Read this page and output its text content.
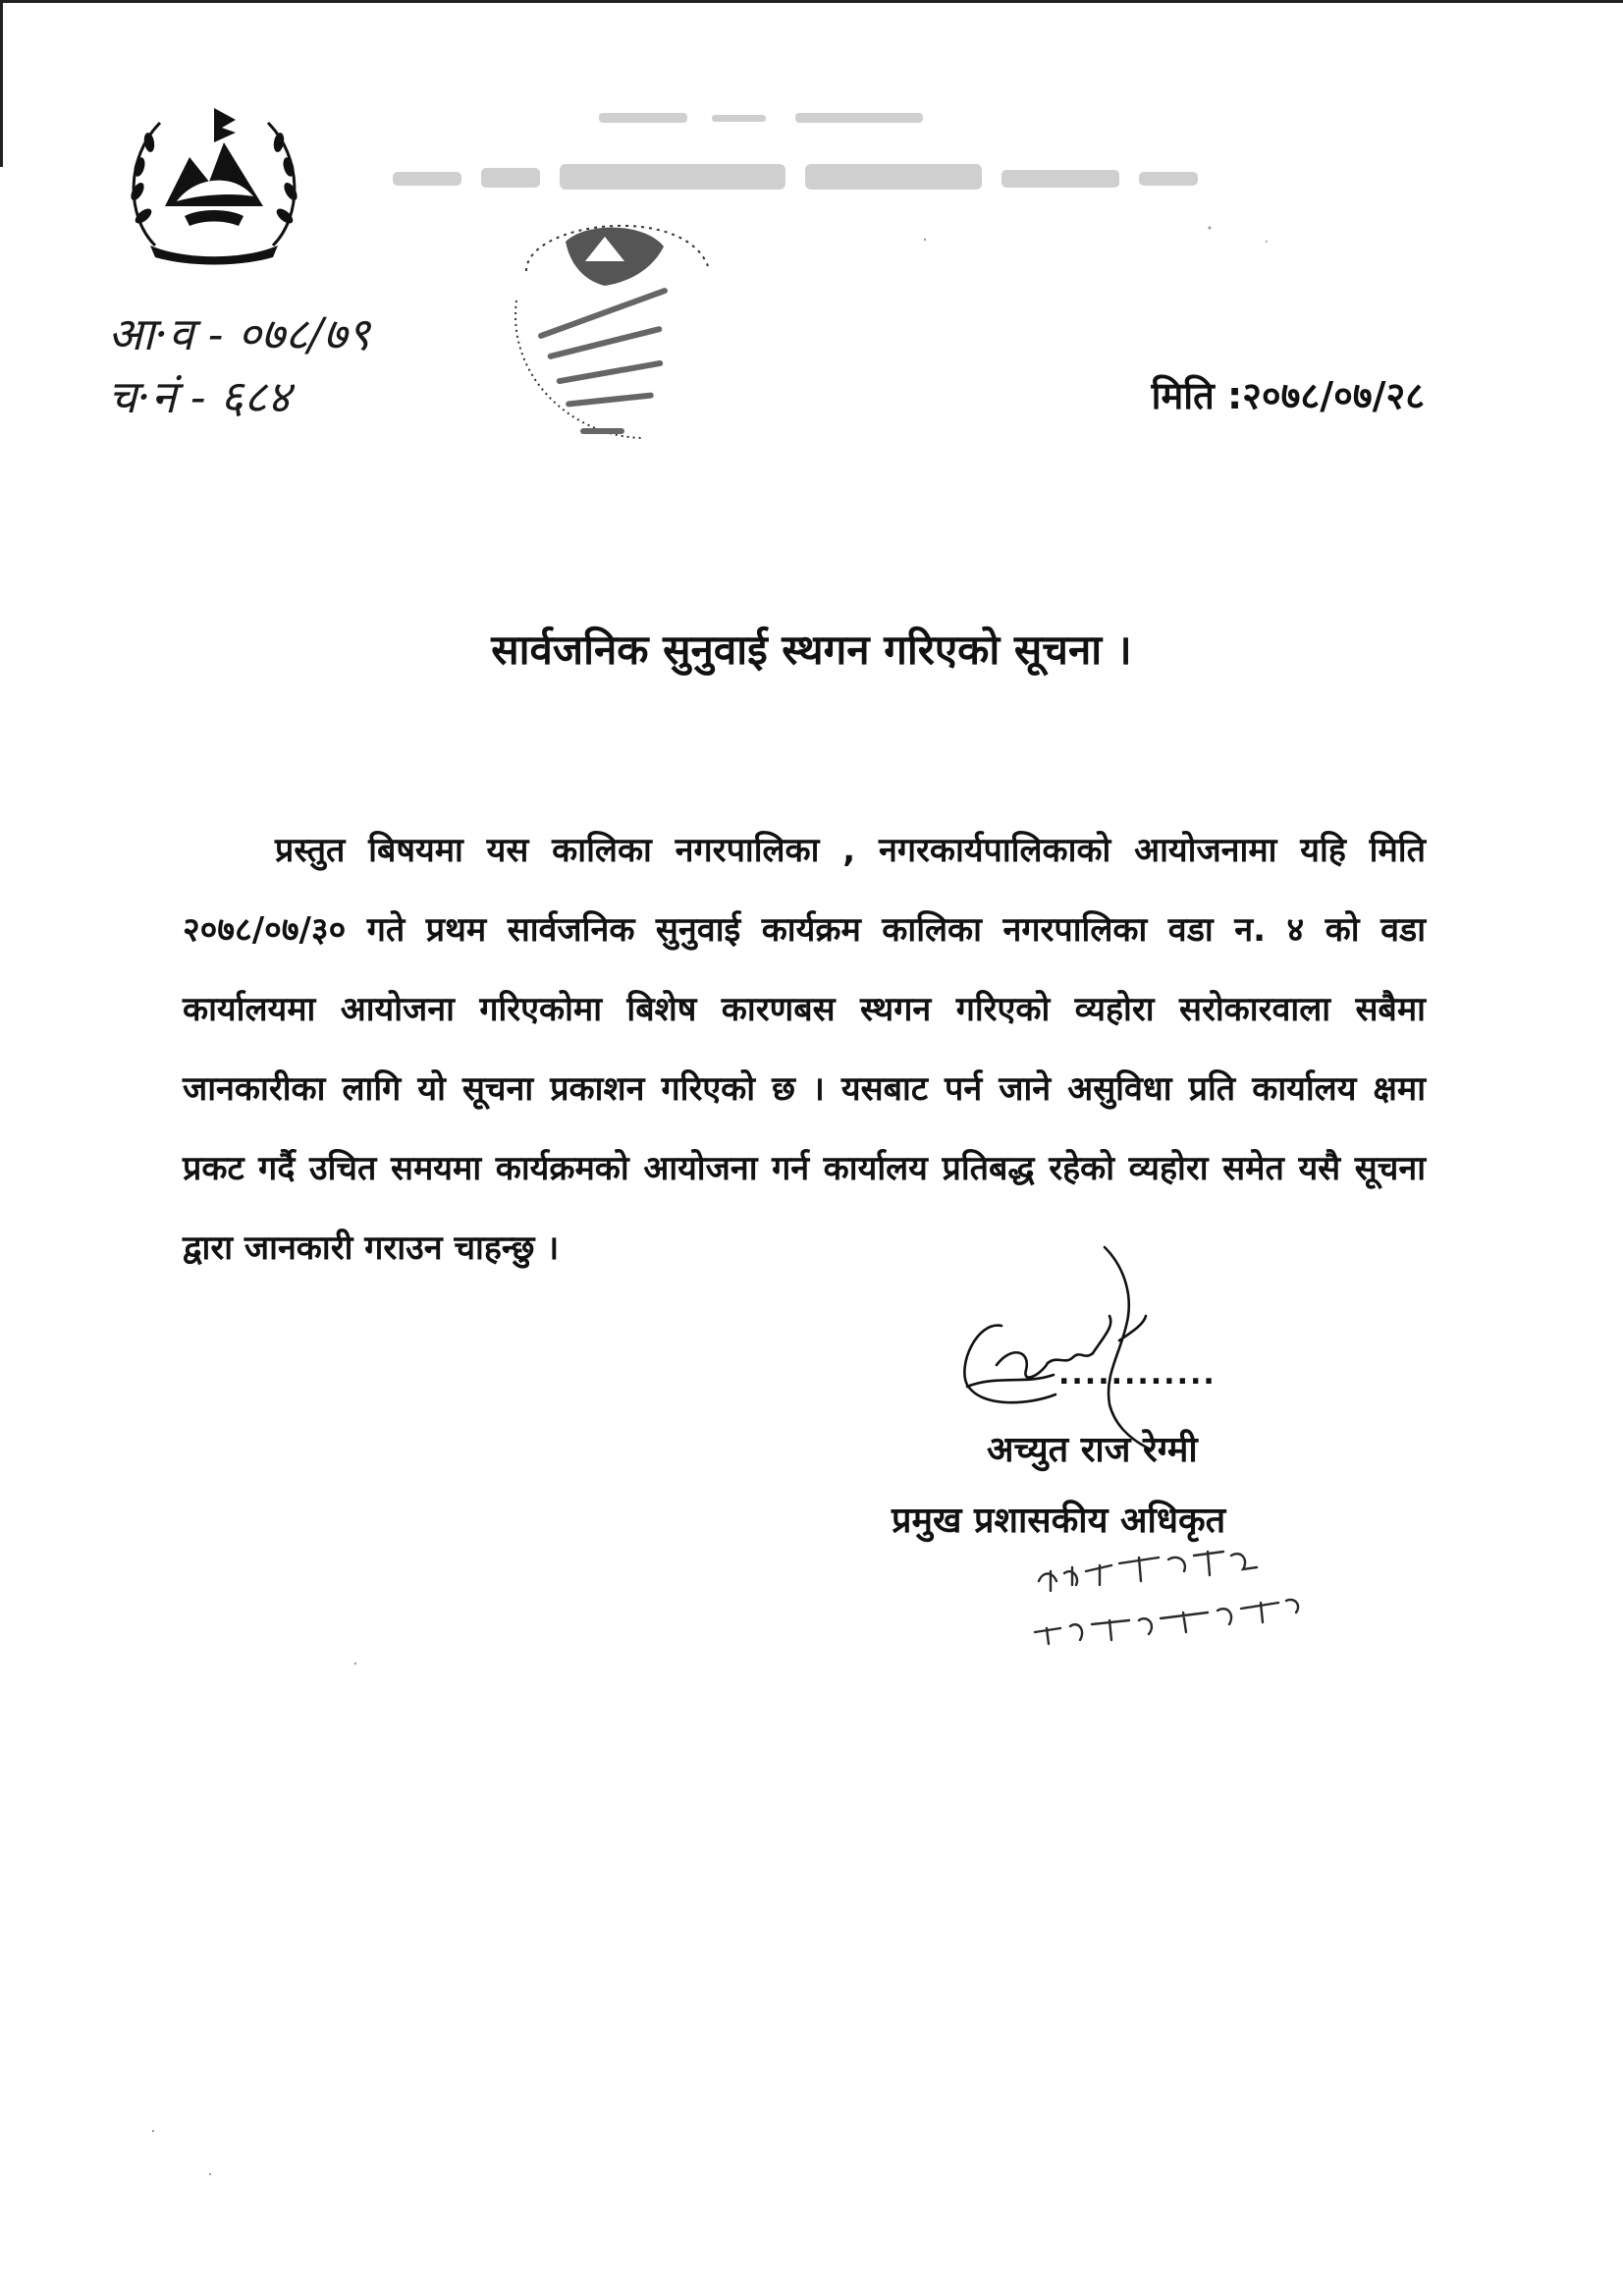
आ·व - ०७८/७९
च·नं - ६८४	मिति :२०७८/०७/२८
सार्वजनिक सुनुवाई स्थगन गरिएको सूचना ।
प्रस्तुत बिषयमा यस कालिका नगरपालिका , नगरकार्यपालिकाको आयोजनामा यहि मिति २०७८/०७/३० गते प्रथम सार्वजनिक सुनुवाई कार्यक्रम कालिका नगरपालिका वडा न. ४ को वडा कार्यालयमा आयोजना गरिएकोमा बिशेष कारणबस स्थगन गरिएको व्यहोरा सरोकारवाला सबैमा जानकारीका लागि यो सूचना प्रकाशन गरिएको छ । यसबाट पर्न जाने असुविधा प्रति कार्यालय क्षमा प्रकट गर्दै उचित समयमा कार्यक्रमको आयोजना गर्न कार्यालय प्रतिबद्ध रहेको व्यहोरा समेत यसै सूचना द्वारा जानकारी गराउन चाहन्छु ।
............
अच्युत राज रेग्मी
प्रमुख प्रशासकीय अधिकृत
